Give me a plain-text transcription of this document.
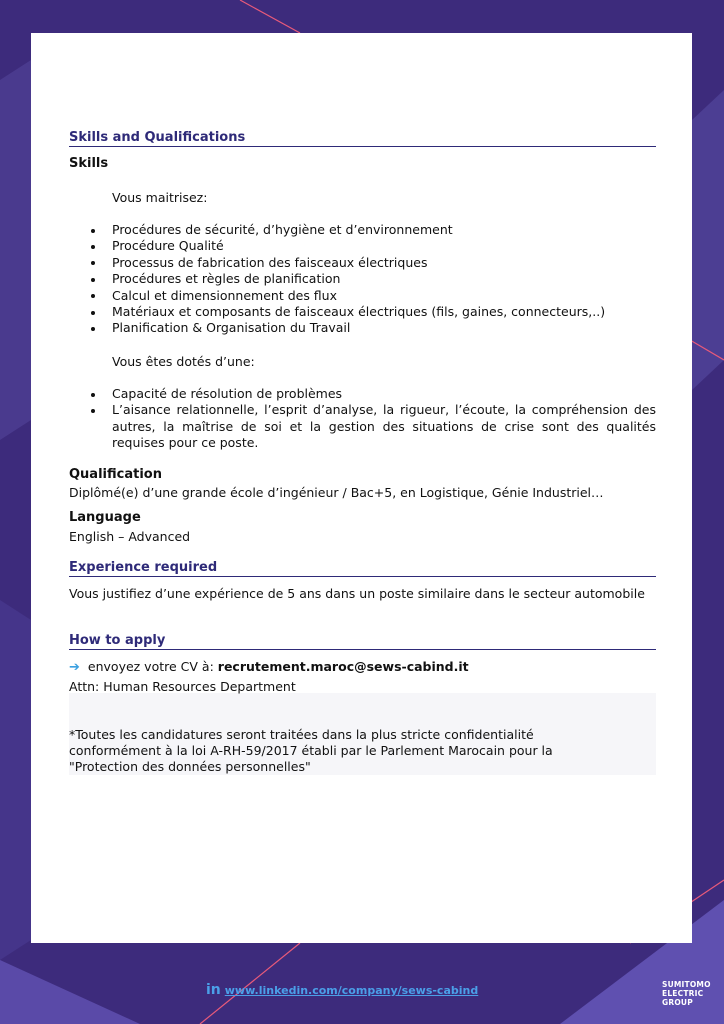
Skills and Qualifications
Skills
Vous maitrisez:
Procédures de sécurité, d’hygiène et d’environnement
Procédure Qualité
Processus de fabrication des faisceaux électriques
Procédures et règles de planification
Calcul et dimensionnement des flux
Matériaux et composants de faisceaux électriques (fils, gaines, connecteurs,..)
Planification & Organisation du Travail
Vous êtes dotés d’une:
Capacité de résolution de problèmes
L’aisance relationnelle, l’esprit d’analyse, la rigueur, l’écoute, la compréhension des autres, la maîtrise de soi et la gestion des situations de crise sont des qualités requises pour ce poste.
Qualification
Diplômé(e) d’une grande école d’ingénieur / Bac+5, en Logistique, Génie Industriel…
Language
English – Advanced
Experience required
Vous justifiez d’une expérience de 5 ans dans un poste similaire dans le secteur automobile
How to apply
➔ envoyez votre CV à: recrutement.maroc@sews-cabind.it
Attn: Human Resources Department
*Toutes les candidatures seront traitées dans la plus stricte confidentialité
conformément à la loi A-RH-59/2017 établi par le Parlement Marocain pour la
"Protection des données personnelles"
in www.linkedin.com/company/sews-cabind	SUMITOMO
ELECTRIC
GROUP
